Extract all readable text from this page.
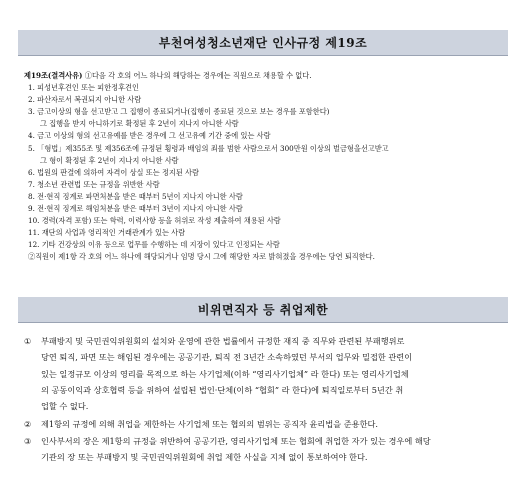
부천여성청소년재단 인사규정 제19조
제19조(결격사유) ①다음 각 호의 어느 하나의 해당하는 경우에는 직원으로 채용할 수 없다.
1. 피성년후견인 또는 피한정후견인
2. 파산자로서 복권되지 아니한 사람
3. 금고이상의 형을 선고받고 그 집행이 종료되거나(집행이 종료된 것으로 보는 경우를 포함한다)
그 집행을 받지 아니하기로 확정된 후 2년이 지나지 아니한 사람
4. 금고 이상의 형의 선고유예를 받은 경우에 그 선고유예 기간 중에 있는 사람
5. 「형법」제355조 및 제356조에 규정된 횡령과 배임의 죄를 범한 사람으로서 300만원 이상의 벌금형을선고받고
그 형이 확정된 후 2년이 지나지 아니한 사람
6. 법원의 판결에 의하여 자격이 상실 또는 정지된 사람
7. 청소년 관련법 또는 규정을 위반한 사람
8. 전·현직 징계로 파면처분을 받은 때부터 5년이 지나지 아니한 사람
9. 전·현직 징계로 해임처분을 받은 때부터 3년이 지나지 아니한 사람
10. 경력(자격 포함) 또는 학력, 이력사항 등을 허위로 작성 제출하여 채용된 사람
11. 재단의 사업과 영리적인 거래관계가 있는 사람
12. 기타 건강상의 이유 등으로 업무를 수행하는 데 지장이 있다고 인정되는 사람
②직원이 제1항 각 호의 어느 하나에 해당되거나 임명 당시 그에 해당한 자로 밝혀졌을 경우에는 당연 퇴직한다.
비위면직자 등 취업제한
①	부패방지 및 국민권익위원회의 설치와 운영에 관한 법률에서 규정한 재직 중 직무와 관련된 부패행위로
당연 퇴직, 파면 또는 해임된 경우에는 공공기관, 퇴직 전 3년간 소속하였던 부서의 업무와 밀접한 관련이
있는 일정규모 이상의 영리를 목적으로 하는 사기업체(이하 “영리사기업체” 라 한다) 또는 영리사기업체
의 공동이익과 상호협력 등을 위하여 설립된 법인·단체(이하 “협회” 라 한다)에 퇴직일로부터 5년간 취
업할 수 없다.
②	제1항의 규정에 의해 취업을 제한하는 사기업체 또는 협의의 범위는 공직자 윤리법을 준용한다.
③	인사부서의 장은 제1항의 규정을 위반하여 공공기관, 영리사기업체 또는 협회에 취업한 자가 있는 경우에 해당
기관의 장 또는 부패방지 및 국민권익위원회에 취업 제한 사실을 지체 없이 통보하여야 한다.
